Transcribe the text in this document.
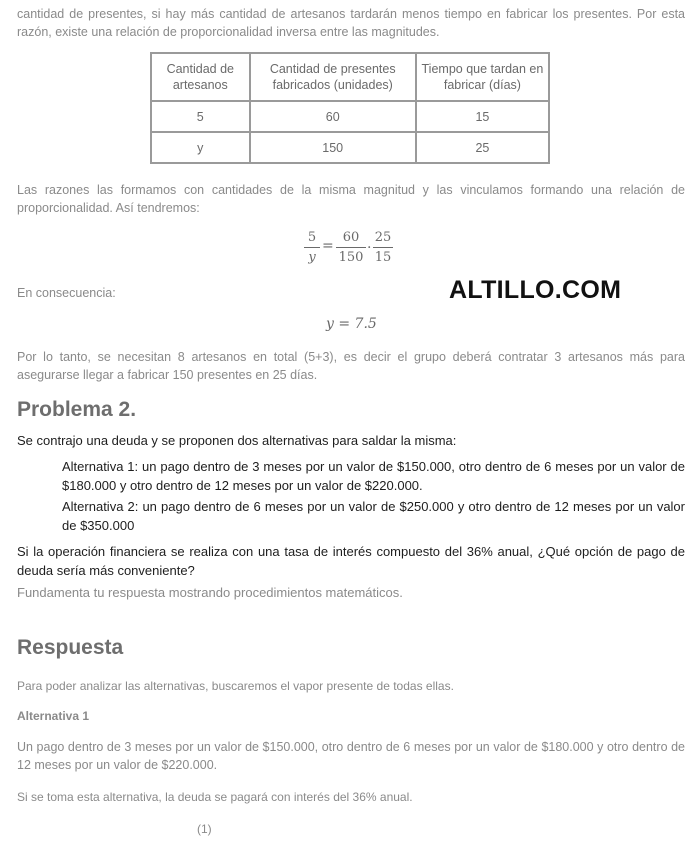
cantidad de presentes, si hay más cantidad de artesanos tardarán menos tiempo en fabricar los presentes. Por esta razón, existe una relación de proporcionalidad inversa entre las magnitudes.

Cantidad de artesanos	Cantidad de presentes fabricados (unidades)	Tiempo que tardan en fabricar (días)
5	60	15
y	150	25

Las razones las formamos con cantidades de la misma magnitud y las vinculamos formando una relación de proporcionalidad. Así tendremos:

$\frac{5}{y} = \frac{60}{150}$ . $\frac{25}{15}$

En consecuencia:	ALTILLO.COM
y = 7.5

Por lo tanto, se necesitan 8 artesanos en total (5+3), es decir el grupo deberá contratar 3 artesanos más para asegurarse llegar a fabricar 150 presentes en 25 días.

Problema 2.

Se contrajo una deuda y se proponen dos alternativas para saldar la misma:

Alternativa 1: un pago dentro de 3 meses por un valor de $150.000, otro dentro de 6 meses por un valor de $180.000 y otro dentro de 12 meses por un valor de $220.000.

Alternativa 2: un pago dentro de 6 meses por un valor de $250.000 y otro dentro de 12 meses por un valor de $350.000

Si la operación financiera se realiza con una tasa de interés compuesto del 36% anual, ¿Qué opción de pago de deuda sería más conveniente?

Fundamenta tu respuesta mostrando procedimientos matemáticos.

Respuesta

Para poder analizar las alternativas, buscaremos el vapor presente de todas ellas.

Alternativa 1

Un pago dentro de 3 meses por un valor de $150.000, otro dentro de 6 meses por un valor de $180.000 y otro dentro de 12 meses por un valor de $220.000.

Si se toma esta alternativa, la deuda se pagará con interés del 36% anual.

(1)
